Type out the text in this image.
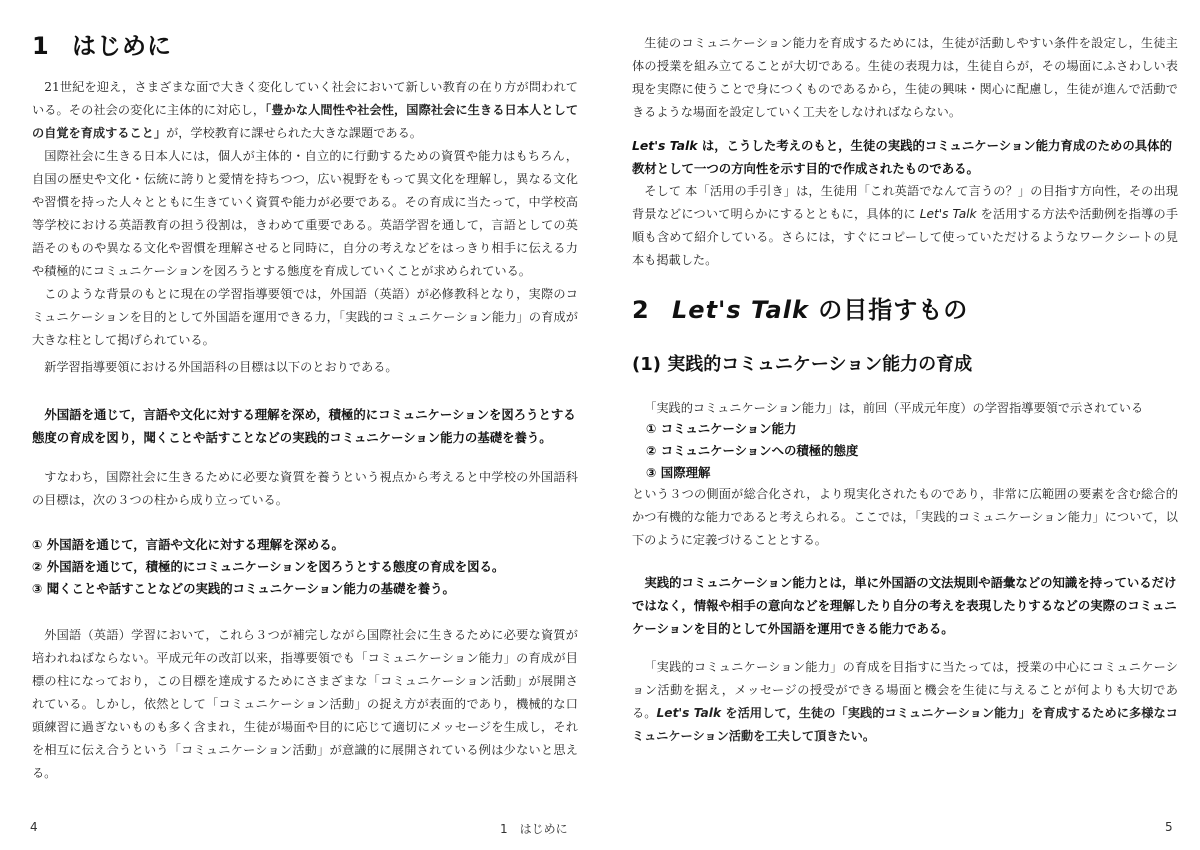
1 はじめに

21世紀を迎え，さまざまな面で大きく変化していく社会において新しい教育の在り方が問われている。その社会の変化に主体的に対応し，「豊かな人間性や社会性，国際社会に生きる日本人としての自覚を育成すること」が，学校教育に課せられた大きな課題である。

国際社会に生きる日本人には，個人が主体的・自立的に行動するための資質や能力はもちろん，自国の歴史や文化・伝統に誇りと愛情を持ちつつ，広い視野をもって異文化を理解し，異なる文化や習慣を持った人々とともに生きていく資質や能力が必要である。その育成に当たって，中学校高等学校における英語教育の担う役割は，きわめて重要である。英語学習を通して，言語としての英語そのものや異なる文化や習慣を理解させると同時に，自分の考えなどをはっきり相手に伝える力や積極的にコミュニケーションを図ろうとする態度を育成していくことが求められている。

このような背景のもとに現在の学習指導要領では，外国語（英語）が必修教科となり，実際のコミュニケーションを目的として外国語を運用できる力，「実践的コミュニケーション能力」の育成が大きな柱として掲げられている。

新学習指導要領における外国語科の目標は以下のとおりである。

外国語を通じて，言語や文化に対する理解を深め，積極的にコミュニケーションを図ろうとする態度の育成を図り，聞くことや話すことなどの実践的コミュニケーション能力の基礎を養う。

すなわち，国際社会に生きるために必要な資質を養うという視点から考えると中学校の外国語科の目標は，次の３つの柱から成り立っている。

① 外国語を通じて，言語や文化に対する理解を深める。
② 外国語を通じて，積極的にコミュニケーションを図ろうとする態度の育成を図る。
③ 聞くことや話すことなどの実践的コミュニケーション能力の基礎を養う。

外国語（英語）学習において，これら３つが補完しながら国際社会に生きるために必要な資質が培われねばならない。平成元年の改訂以来，指導要領でも「コミュニケーション能力」の育成が目標の柱になっており，この目標を達成するためにさまざまな「コミュニケーション活動」が展開されている。しかし，依然として「コミュニケーション活動」の捉え方が表面的であり，機械的な口頭練習に過ぎないものも多く含まれ，生徒が場面や目的に応じて適切にメッセージを生成し，それを相互に伝え合うという「コミュニケーション活動」が意識的に展開されている例は少ないと思える。

4	1　はじめに

生徒のコミュニケーション能力を育成するためには，生徒が活動しやすい条件を設定し，生徒主体の授業を組み立てることが大切である。生徒の表現力は，生徒自らが，その場面にふさわしい表現を実際に使うことで身につくものであるから，生徒の興味・関心に配慮し，生徒が進んで活動できるような場面を設定していく工夫をしなければならない。

Let's Talk は，こうした考えのもと，生徒の実践的コミュニケーション能力育成のための具体的教材として一つの方向性を示す目的で作成されたものである。

そして 本「活用の手引き」は，生徒用「これ英語でなんて言うの？」の目指す方向性，その出現背景などについて明らかにするとともに，具体的に Let's Talk を活用する方法や活動例を指導の手順も含めて紹介している。さらには，すぐにコピーして使っていただけるようなワークシートの見本も掲載した。

2 Let's Talk の目指すもの
(1) 実践的コミュニケーション能力の育成

「実践的コミュニケーション能力」は，前回（平成元年度）の学習指導要領で示されている

① コミュニケーション能力
② コミュニケーションへの積極的態度
③ 国際理解

という３つの側面が総合化され，より現実化されたものであり，非常に広範囲の要素を含む総合的かつ有機的な能力であると考えられる。ここでは，「実践的コミュニケーション能力」について，以下のように定義づけることとする。

実践的コミュニケーション能力とは，単に外国語の文法規則や語彙などの知識を持っているだけではなく，情報や相手の意向などを理解したり自分の考えを表現したりするなどの実際のコミュニケーションを目的として外国語を運用できる能力である。

「実践的コミュニケーション能力」の育成を目指すに当たっては，授業の中心にコミュニケーション活動を据え，メッセージの授受ができる場面と機会を生徒に与えることが何よりも大切である。Let's Talk を活用して，生徒の「実践的コミュニケーション能力」を育成するために多様なコミュニケーション活動を工夫して頂きたい。

5
